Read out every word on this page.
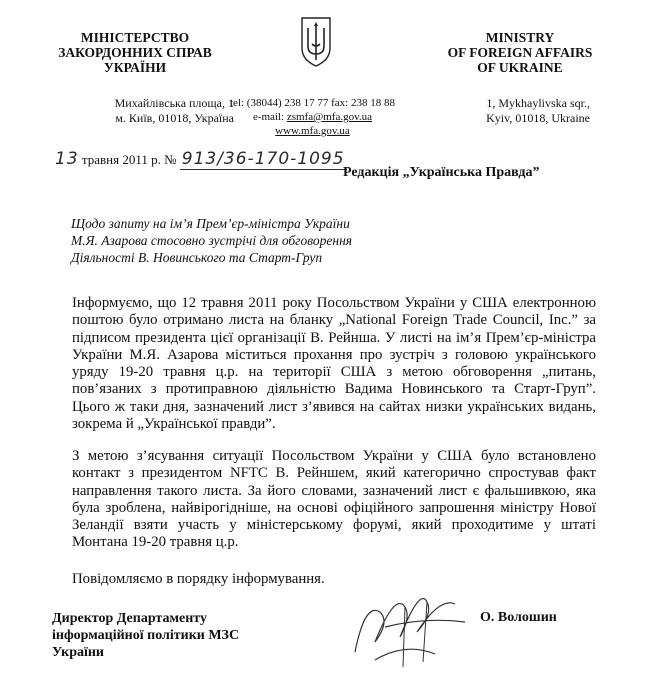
МІНІСТЕРСТВО
ЗАКОРДОННИХ СПРАВ
УКРАЇНИ
MINISTRY
OF FOREIGN AFFAIRS
OF UKRAINE
Михайлівська площа, 1
м. Київ, 01018, Україна
tel: (38044) 238 17 77 fax: 238 18 88
e-mail: zsmfa@mfa.gov.ua
www.mfa.gov.ua
1, Mykhaylivska sqr.,
Kyiv, 01018, Ukraine
13 травня 2011 р. № 913/36-170-1095
Редакція „Українська Правда”
Щодо запиту на ім’я Прем’єр-міністра України
М.Я. Азарова стосовно зустрічі для обговорення
Діяльності В. Новинського та Старт-Груп
Інформуємо, що 12 травня 2011 року Посольством України у США електронною поштою було отримано листа на бланку „National Foreign Trade Council, Inc.” за підписом президента цієї організації В. Рейнша. У листі на ім’я Прем’єр-міністра України М.Я. Азарова міститься прохання про зустріч з головою українського уряду 19-20 травня ц.р. на території США з метою обговорення „питань, пов’язаних з протиправною діяльністю Вадима Новинського та Старт-Груп”. Цього ж таки дня, зазначений лист з’явився на сайтах низки українських видань, зокрема й „Української правди”.
З метою з’ясування ситуації Посольством України у США було встановлено контакт з президентом NFTC В. Рейншем, який категорично спростував факт направлення такого листа. За його словами, зазначений лист є фальшивкою, яка була зроблена, найвірогідніше, на основі офіційного запрошення міністру Нової Зеландії взяти участь у міністерському форумі, який проходитиме у штаті Монтана 19-20 травня ц.р.
Повідомляємо в порядку інформування.
Директор Департаменту
інформаційної політики МЗС
України
О. Волошин
